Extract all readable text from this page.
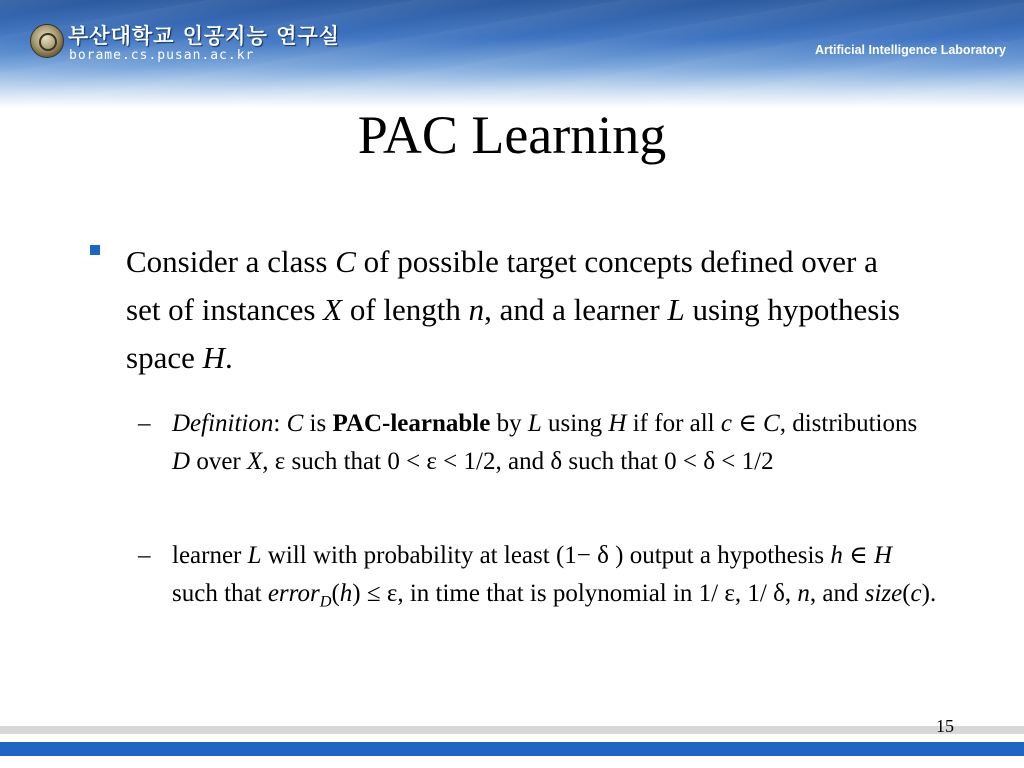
부산대학교 인공지능 연구실
borame.cs.pusan.ac.kr	Artificial Intelligence Laboratory
PAC Learning
Consider a class C of possible target concepts defined over a set of instances X of length n, and a learner L using hypothesis space H.
– Definition: C is PAC-learnable by L using H if for all c ∈ C, distributions D over X, ε such that 0 < ε < 1/2, and δ such that 0 < δ < 1/2
– learner L will with probability at least (1− δ ) output a hypothesis h ∈ H such that error$_D$(h) ≤ ε, in time that is polynomial in 1/ ε, 1/ δ, n, and size(c).
15
